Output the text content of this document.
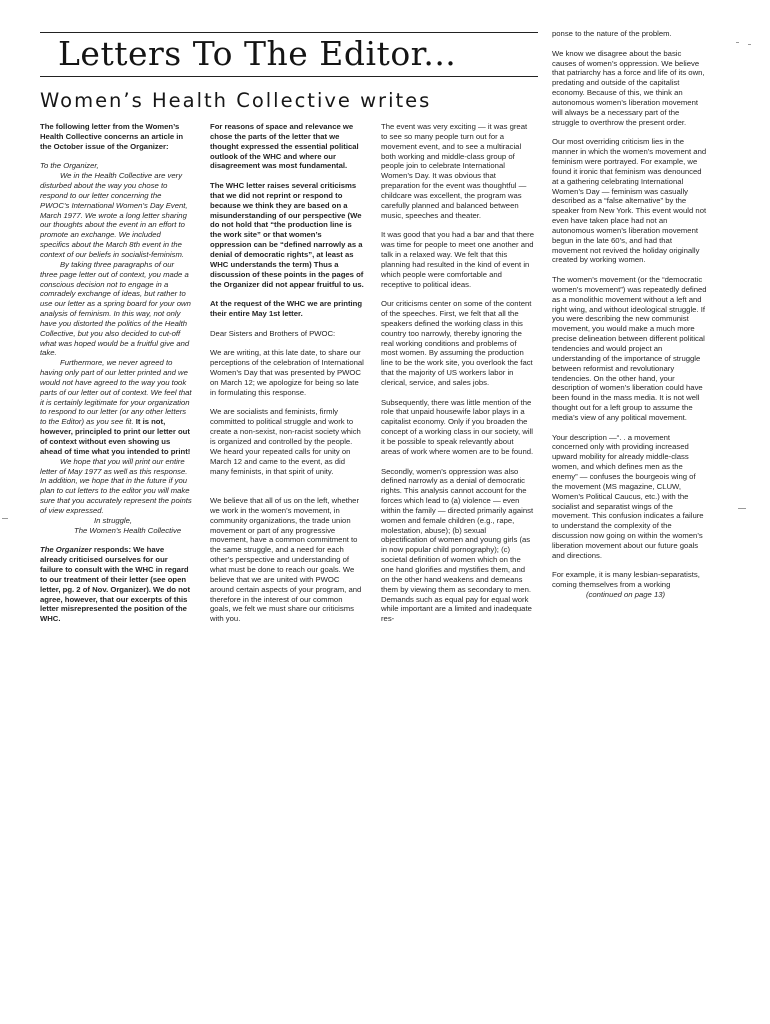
Letters To The Editor...
Women’s Health Collective writes

The following letter from the Women’s Health Collective concerns an article in the October issue of the Organizer:

To the Organizer,

We in the Health Collective are very disturbed about the way you chose to respond to our letter concerning the PWOC’s International Women’s Day Event, March 1977. We wrote a long letter sharing our thoughts about the event in an effort to promote an exchange. We included specifics about the March 8th event in the context of our beliefs in socialist-feminism.

By taking three paragraphs of our three page letter out of context, you made a conscious decision not to engage in a comradely exchange of ideas, but rather to use our letter as a spring board for your own analysis of feminism. In this way, not only have you distorted the politics of the Health Collective, but you also decided to cut-off what was hoped would be a fruitful give and take.

Furthermore, we never agreed to having only part of our letter printed and we would not have agreed to the way you took parts of our letter out of context. We feel that it is certainly legitimate for your organization to respond to our letter (or any other letters to the Editor) as you see fit. It is not, however, principled to print our letter out of context without even showing us ahead of time what you intended to print!

We hope that you will print our entire letter of May 1977 as well as this response. In addition, we hope that in the future if you plan to cut letters to the editor you will make sure that you accurately represent the points of view expressed.

In struggle,

The Women’s Health Collective

The Organizer responds: We have already criticised ourselves for our failure to consult with the WHC in regard to our treatment of their letter (see open letter, pg. 2 of Nov. Organizer). We do not agree, however, that our excerpts of this letter misrepresented the position of the WHC.

For reasons of space and relevance we chose the parts of the letter that we thought expressed the essential political outlook of the WHC and where our disagreement was most fundamental.

The WHC letter raises several criticisms that we did not reprint or respond to because we think they are based on a misunderstanding of our perspective (We do not hold that “the production line is the work site” or that women’s oppression can be “defined narrowly as a denial of democratic rights”, at least as WHC understands the term) Thus a discussion of these points in the pages of the Organizer did not appear fruitful to us.

At the request of the WHC we are printing their entire May 1st letter.

Dear Sisters and Brothers of PWOC:

We are writing, at this late date, to share our perceptions of the celebration of International Women’s Day that was presented by PWOC on March 12; we apologize for being so late in formulating this response.

We are socialists and feminists, firmly committed to political struggle and work to create a non-sexist, non-racist society which is organized and controlled by the people. We heard your repeated calls for unity on March 12 and came to the event, as did many feminists, in that spirit of unity.

We believe that all of us on the left, whether we work in the women’s movement, in community organizations, the trade union movement or part of any progressive movement, have a common commitment to the same struggle, and a need for each other’s perspective and understanding of what must be done to reach our goals. We believe that we are united with PWOC around certain aspects of your program, and therefore in the interest of our common goals, we felt we must share our criticisms with you.

The event was very exciting — it was great to see so many people turn out for a movement event, and to see a multiracial both working and middle-class group of people join to celebrate International Women’s Day. It was obvious that preparation for the event was thoughtful — childcare was excellent, the program was carefully planned and balanced between music, speeches and theater.

It was good that you had a bar and that there was time for people to meet one another and talk in a relaxed way. We felt that this planning had resulted in the kind of event in which people were comfortable and receptive to political ideas.

Our criticisms center on some of the content of the speeches. First, we felt that all the speakers defined the working class in this country too narrowly, thereby ignoring the real working conditions and problems of most women. By assuming the production line to be the work site, you overlook the fact that the majority of US workers labor in clerical, service, and sales jobs.

Subsequently, there was little mention of the role that unpaid housewife labor plays in a capitalist economy. Only if you broaden the concept of a working class in our society, will it be possible to speak relevantly about areas of work where women are to be found.

Secondly, women’s oppression was also defined narrowly as a denial of democratic rights. This analysis cannot account for the forces which lead to (a) violence — even within the family — directed primarily against women and female children (e.g., rape, molestation, abuse); (b) sexual objectification of women and young girls (as in now popular child pornography); (c) societal definition of women which on the one hand glorifies and mystifies them, and on the other hand weakens and demeans them by viewing them as secondary to men. Demands such as equal pay for equal work while important are a limited and inadequate res-

ponse to the nature of the problem.

We know we disagree about the basic causes of women’s oppression. We believe that patriarchy has a force and life of its own, predating and outside of the capitalist economy. Because of this, we think an autonomous women’s liberation movement will always be a necessary part of the struggle to overthrow the present order.

Our most overriding criticism lies in the manner in which the women’s movement and feminism were portrayed. For example, we found it ironic that feminism was denounced at a gathering celebrating International Women’s Day — feminism was casually described as a “false alternative” by the speaker from New York. This event would not even have taken place had not an autonomous women’s liberation movement begun in the late 60’s, and had that movement not revived the holiday originally created by working women.

The women’s movement (or the “democratic women’s movement”) was repeatedly defined as a monolithic movement without a left and right wing, and without ideological struggle. If you were describing the new communist movement, you would make a much more precise delineation between different political tendencies and would project an understanding of the importance of struggle between reformist and revolutionary tendencies. On the other hand, your description of women’s liberation could have been found in the mass media. It is not well thought out for a left group to assume the media’s view of any political movement.

Your description —“. . a movement concerned only with providing increased upward mobility for already middle-class women, and which defines men as the enemy” — confuses the bourgeois wing of the movement (MS magazine, CLUW, Women’s Political Caucus, etc.) with the socialist and separatist wings of the movement. This confusion indicates a failure to understand the complexity of the discussion now going on within the women’s liberation movement about our future goals and directions.

For example, it is many lesbian-separatists, coming themselves from a working

(continued on page 13)
